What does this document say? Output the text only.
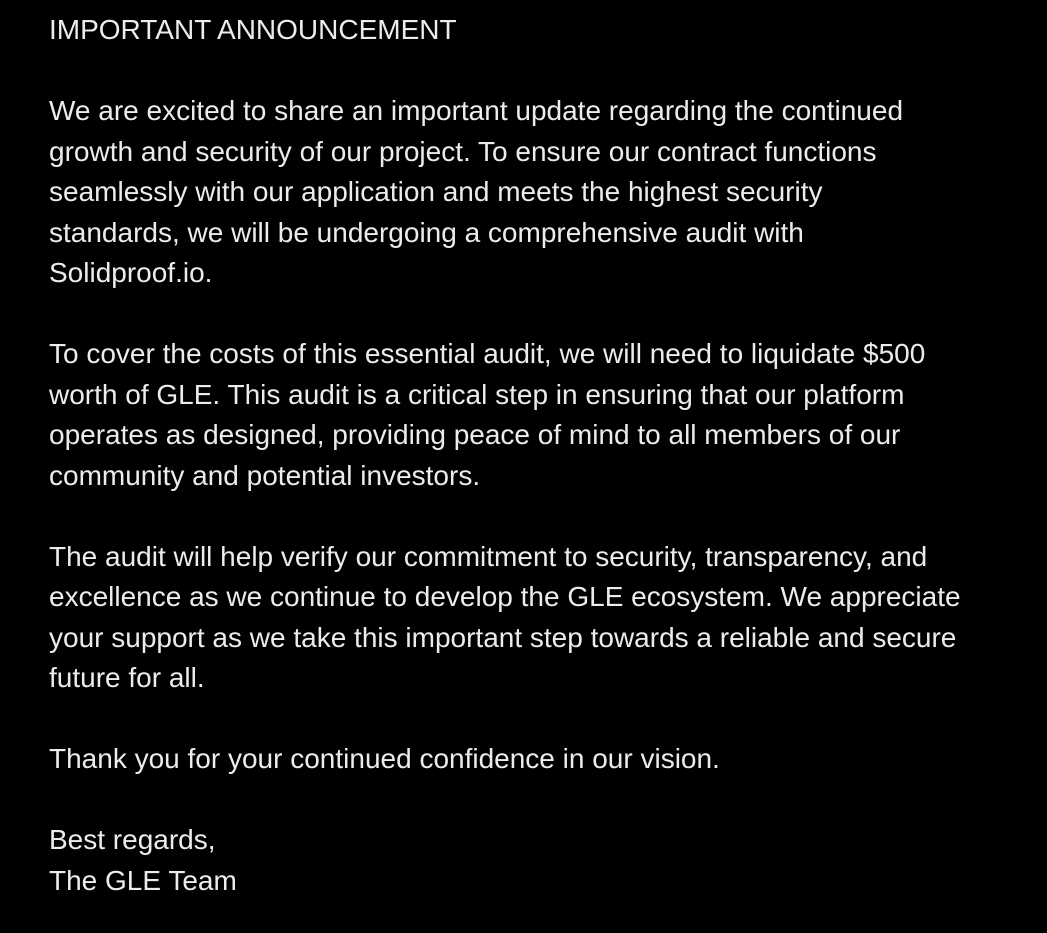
IMPORTANT ANNOUNCEMENT
We are excited to share an important update regarding the continued
growth and security of our project. To ensure our contract functions
seamlessly with our application and meets the highest security
standards, we will be undergoing a comprehensive audit with
Solidproof.io.
To cover the costs of this essential audit, we will need to liquidate $500
worth of GLE. This audit is a critical step in ensuring that our platform
operates as designed, providing peace of mind to all members of our
community and potential investors.
The audit will help verify our commitment to security, transparency, and
excellence as we continue to develop the GLE ecosystem. We appreciate
your support as we take this important step towards a reliable and secure
future for all.
Thank you for your continued confidence in our vision.
Best regards,
The GLE Team
